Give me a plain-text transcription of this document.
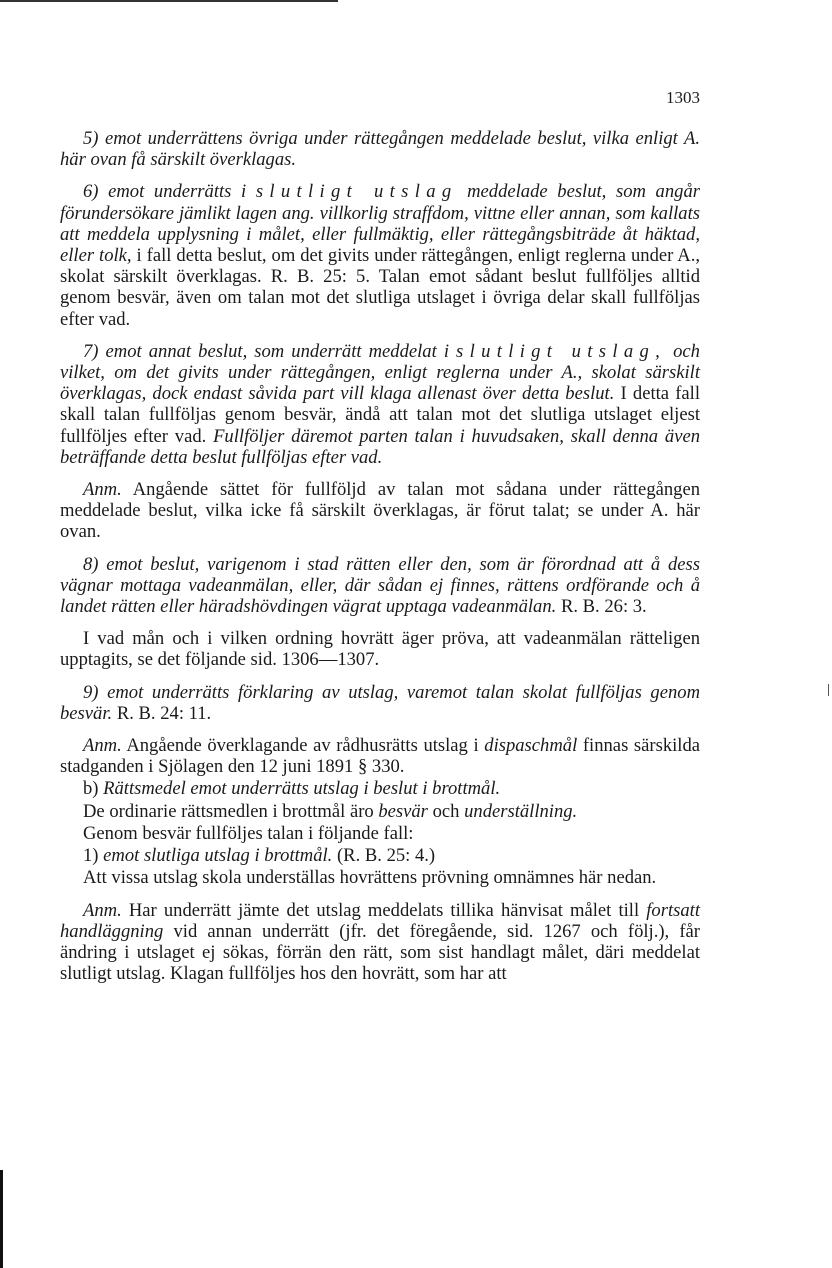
1303

5) emot underrättens övriga under rättegången meddelade beslut, vilka enligt A. här ovan få särskilt överklagas.

6) emot underrätts i slutligt utslag meddelade beslut, som angår förundersökare jämlikt lagen ang. villkorlig straffdom, vittne eller annan, som kallats att meddela upplysning i målet, eller fullmäktig, eller rättegångsbiträde åt häktad, eller tolk, i fall detta beslut, om det givits under rättegången, enligt reglerna under A., skolat särskilt överklagas. R. B. 25: 5. Talan emot sådant beslut fullföljes alltid genom besvär, även om talan mot det slutliga utslaget i övriga delar skall fullföljas efter vad.

7) emot annat beslut, som underrätt meddelat i slutligt utslag, och vilket, om det givits under rättegången, enligt reglerna under A., skolat särskilt överklagas, dock endast såvida part vill klaga allenast över detta beslut. I detta fall skall talan fullföljas genom besvär, ändå att talan mot det slutliga utslaget eljest fullföljes efter vad. Fullföljer däremot parten talan i huvudsaken, skall denna även beträffande detta beslut fullföljas efter vad.

Anm. Angående sättet för fullföljd av talan mot sådana under rättegången meddelade beslut, vilka icke få särskilt överklagas, är förut talat; se under A. här ovan.

8) emot beslut, varigenom i stad rätten eller den, som är förordnad att å dess vägnar mottaga vadeanmälan, eller, där sådan ej finnes, rättens ordförande och å landet rätten eller häradshövdingen vägrat upptaga vadeanmälan. R. B. 26: 3.

I vad mån och i vilken ordning hovrätt äger pröva, att vadeanmälan rätteligen upptagits, se det följande sid. 1306—1307.

9) emot underrätts förklaring av utslag, varemot talan skolat fullföljas genom besvär. R. B. 24: 11.

Anm. Angående överklagande av rådhusrätts utslag i dispaschmål finnas särskilda stadganden i Sjölagen den 12 juni 1891 § 330.

b) Rättsmedel emot underrätts utslag i beslut i brottmål.

De ordinarie rättsmedlen i brottmål äro besvär och underställning.

Genom besvär fullföljes talan i följande fall:

1) emot slutliga utslag i brottmål. (R. B. 25: 4.)

Att vissa utslag skola underställas hovrättens prövning omnämnes här nedan.

Anm. Har underrätt jämte det utslag meddelats tillika hänvisat målet till fortsatt handläggning vid annan underrätt (jfr. det föregående, sid. 1267 och följ.), får ändring i utslaget ej sökas, förrän den rätt, som sist handlagt målet, däri meddelat slutligt utslag. Klagan fullföljes hos den hovrätt, som har att
